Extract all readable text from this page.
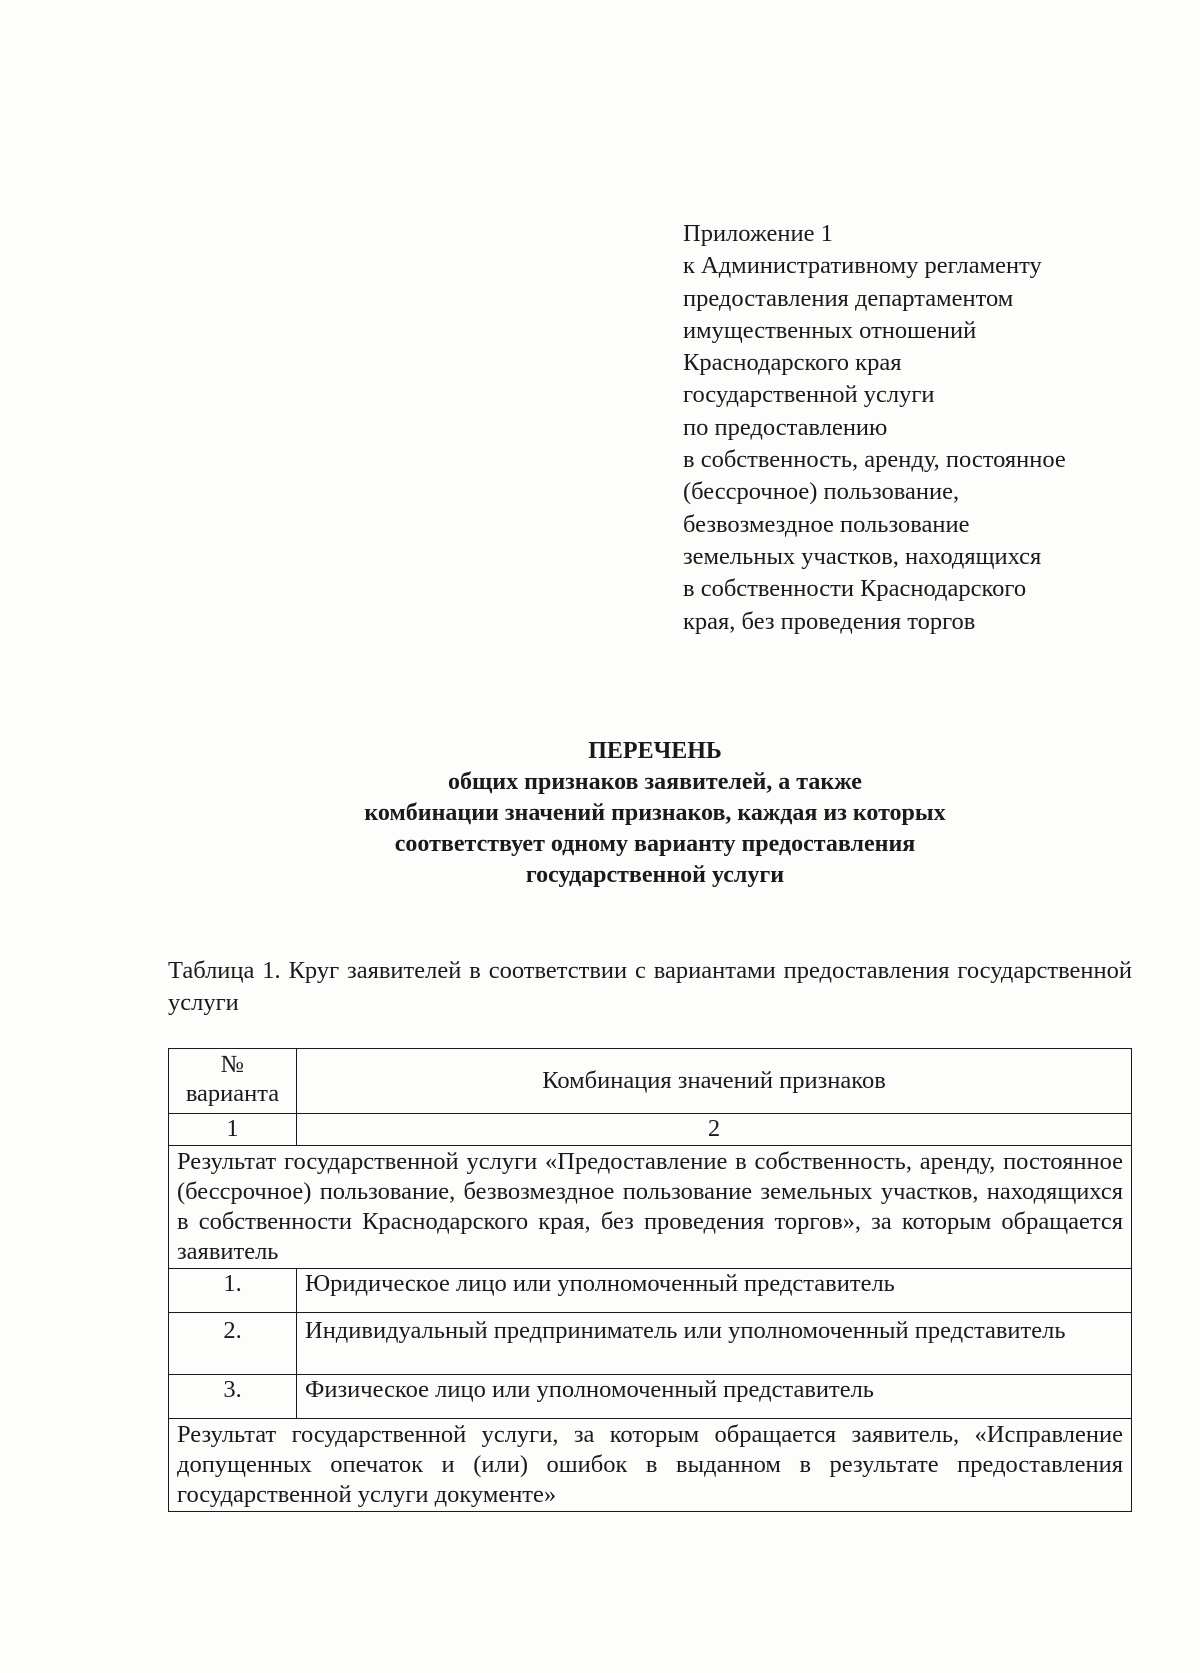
Приложение 1
к Административному регламенту
предоставления департаментом
имущественных отношений
Краснодарского края
государственной услуги
по предоставлению
в собственность, аренду, постоянное
(бессрочное) пользование,
безвозмездное пользование
земельных участков, находящихся
в собственности Краснодарского
края, без проведения торгов
ПЕРЕЧЕНЬ
общих признаков заявителей, а также
комбинации значений признаков, каждая из которых
соответствует одному варианту предоставления
государственной услуги
Таблица 1. Круг заявителей в соответствии с вариантами предоставления государственной услуги
№
варианта	Комбинация значений признаков
1	2
Результат государственной услуги «Предоставление в собственность, аренду, постоянное (бессрочное) пользование, безвозмездное пользование земельных участков, находящихся в собственности Краснодарского края, без проведения торгов», за которым обращается заявитель	
1.	Юридическое лицо или уполномоченный представитель
2.	Индивидуальный предприниматель или уполномоченный представитель
3.	Физическое лицо или уполномоченный представитель
Результат государственной услуги, за которым обращается заявитель, «Исправление допущенных опечаток и (или) ошибок в выданном в результате предоставления государственной услуги документе»	
